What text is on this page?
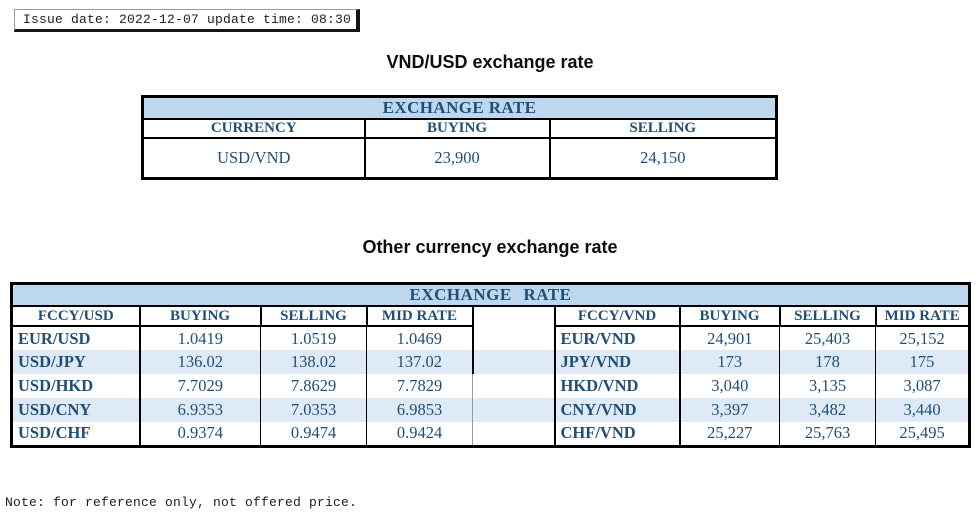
Issue date: 2022-12-07 update time: 08:30
VND/USD exchange rate
EXCHANGE RATE		
CURRENCY	BUYING	SELLING
USD/VND	23,900	24,150
Other currency exchange rate
EXCHANGE RATE								
FCCY/USD	BUYING	SELLING	MID RATE		FCCY/VND	BUYING	SELLING	MID RATE
EUR/USD	1.0419	1.0519	1.0469		EUR/VND	24,901	25,403	25,152
USD/JPY	136.02	138.02	137.02		JPY/VND	173	178	175
USD/HKD	7.7029	7.8629	7.7829		HKD/VND	3,040	3,135	3,087
USD/CNY	6.9353	7.0353	6.9853		CNY/VND	3,397	3,482	3,440
USD/CHF	0.9374	0.9474	0.9424		CHF/VND	25,227	25,763	25,495
Note: for reference only, not offered price.
